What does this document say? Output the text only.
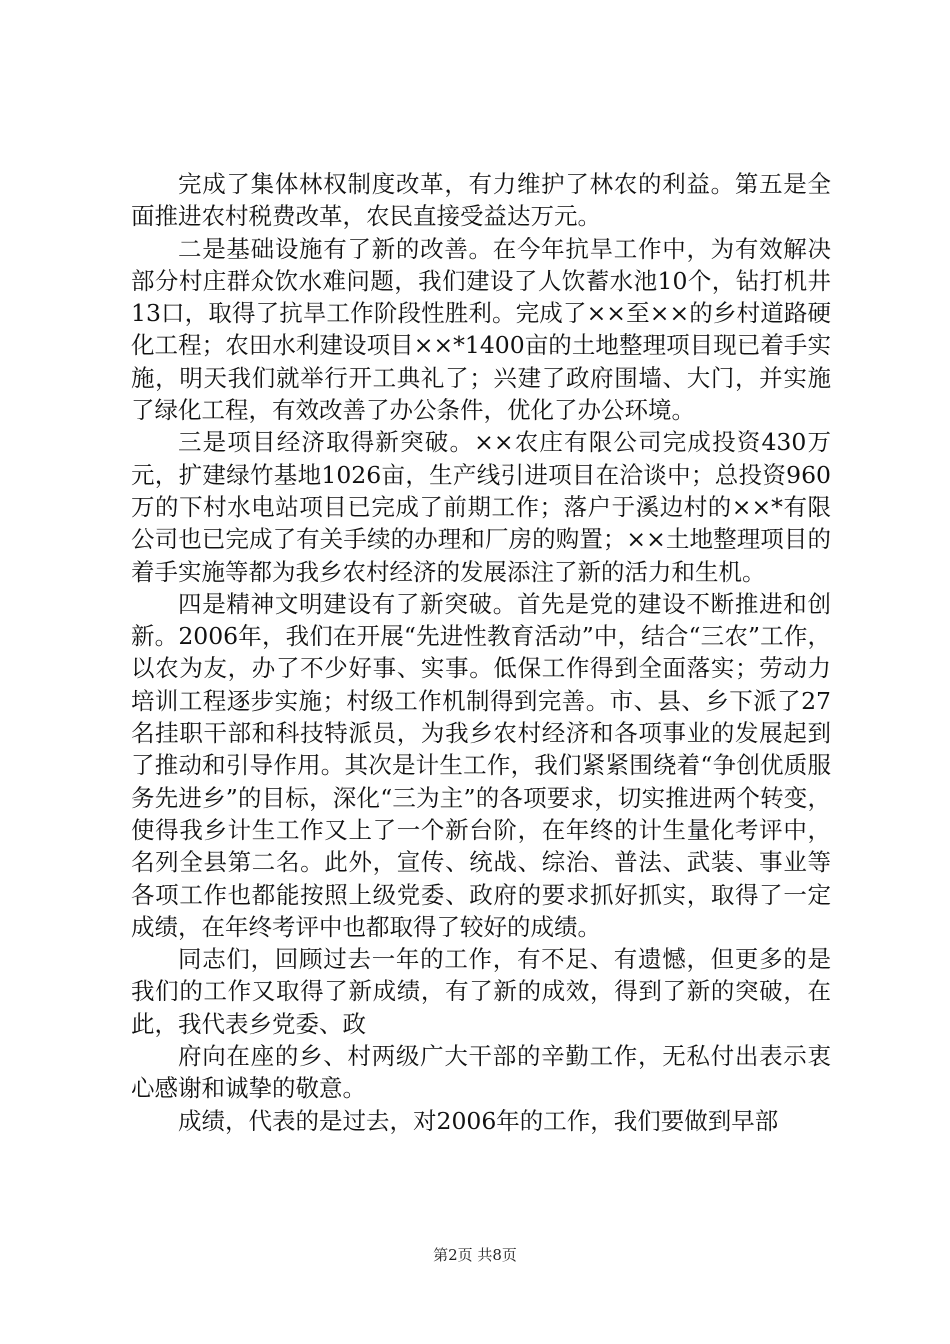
完成了集体林权制度改革，有力维护了林农的利益。第五是全面推进农村税费改革，农民直接受益达万元。

二是基础设施有了新的改善。在今年抗旱工作中，为有效解决部分村庄群众饮水难问题，我们建设了人饮蓄水池10个，钻打机井13口，取得了抗旱工作阶段性胜利。完成了××至××的乡村道路硬化工程；农田水利建设项目××*1400亩的土地整理项目现已着手实施，明天我们就举行开工典礼了；兴建了政府围墙、大门，并实施了绿化工程，有效改善了办公条件，优化了办公环境。

三是项目经济取得新突破。××农庄有限公司完成投资430万元，扩建绿竹基地1026亩，生产线引进项目在洽谈中；总投资960万的下村水电站项目已完成了前期工作；落户于溪边村的××*有限公司也已完成了有关手续的办理和厂房的购置；××土地整理项目的着手实施等都为我乡农村经济的发展添注了新的活力和生机。

四是精神文明建设有了新突破。首先是党的建设不断推进和创新。2006年，我们在开展“先进性教育活动”中，结合“三农”工作，以农为友，办了不少好事、实事。低保工作得到全面落实；劳动力培训工程逐步实施；村级工作机制得到完善。市、县、乡下派了27名挂职干部和科技特派员，为我乡农村经济和各项事业的发展起到了推动和引导作用。其次是计生工作，我们紧紧围绕着“争创优质服务先进乡”的目标，深化“三为主”的各项要求，切实推进两个转变，使得我乡计生工作又上了一个新台阶，在年终的计生量化考评中，名列全县第二名。此外，宣传、统战、综治、普法、武装、事业等各项工作也都能按照上级党委、政府的要求抓好抓实，取得了一定成绩，在年终考评中也都取得了较好的成绩。

同志们，回顾过去一年的工作，有不足、有遗憾，但更多的是我们的工作又取得了新成绩，有了新的成效，得到了新的突破，在此，我代表乡党委、政

府向在座的乡、村两级广大干部的辛勤工作，无私付出表示衷心感谢和诚挚的敬意。

成绩，代表的是过去，对2006年的工作，我们要做到早部

第2页 共8页
